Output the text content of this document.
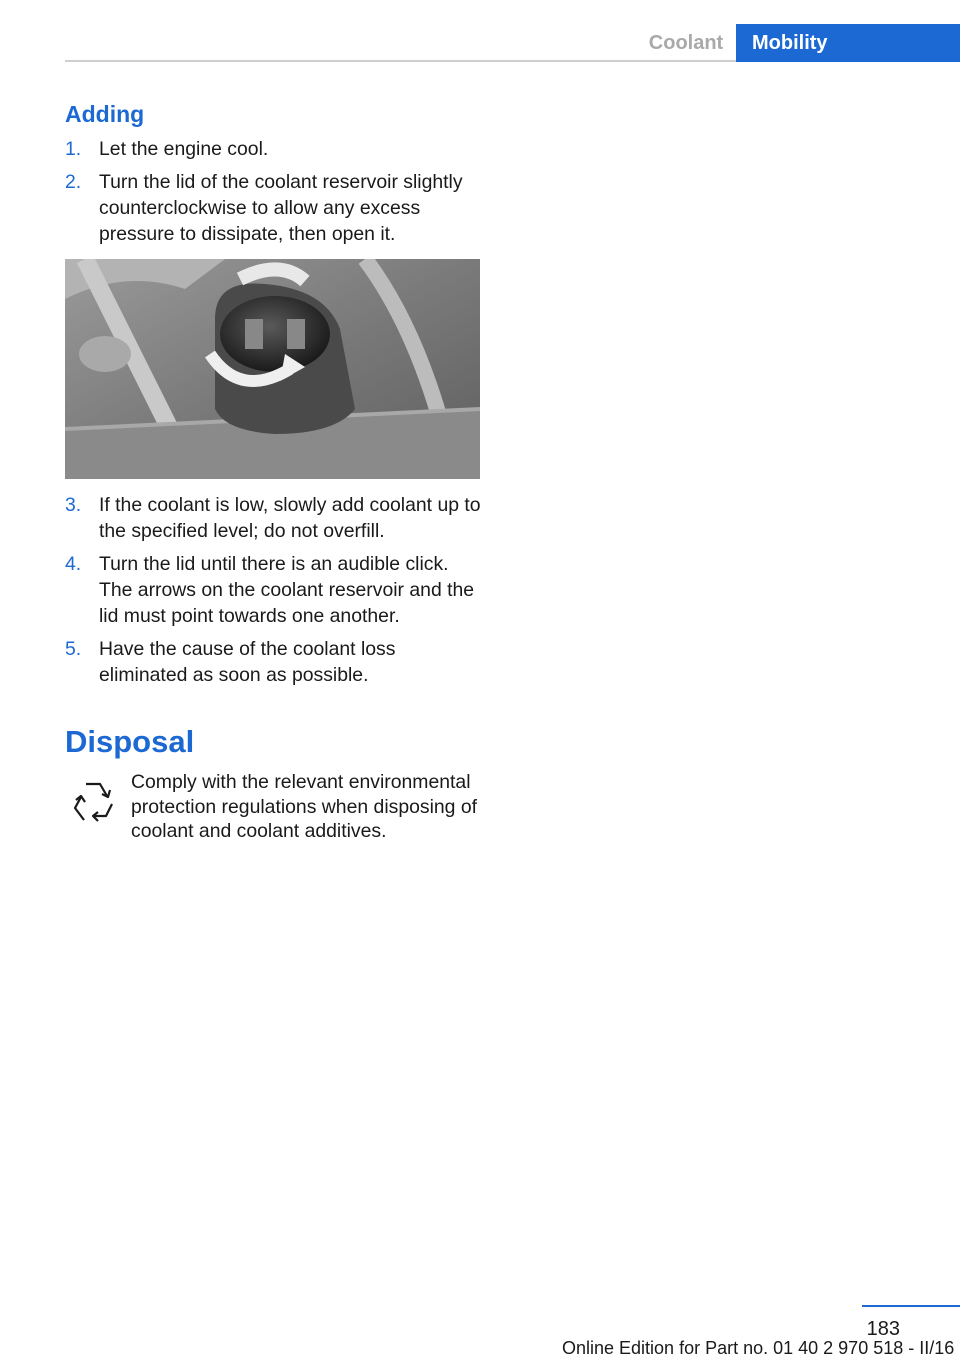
Coolant	Mobility
Adding
1. Let the engine cool.
2. Turn the lid of the coolant reservoir slightly counterclockwise to allow any excess pressure to dissipate, then open it.
3. If the coolant is low, slowly add coolant up to the specified level; do not overfill.
4. Turn the lid until there is an audible click. The arrows on the coolant reservoir and the lid must point towards one another.
5. Have the cause of the coolant loss eliminated as soon as possible.
Disposal

Comply with the relevant environmental protection regulations when disposing of coolant and coolant additives.

183
Online Edition for Part no. 01 40 2 970 518 - II/16
